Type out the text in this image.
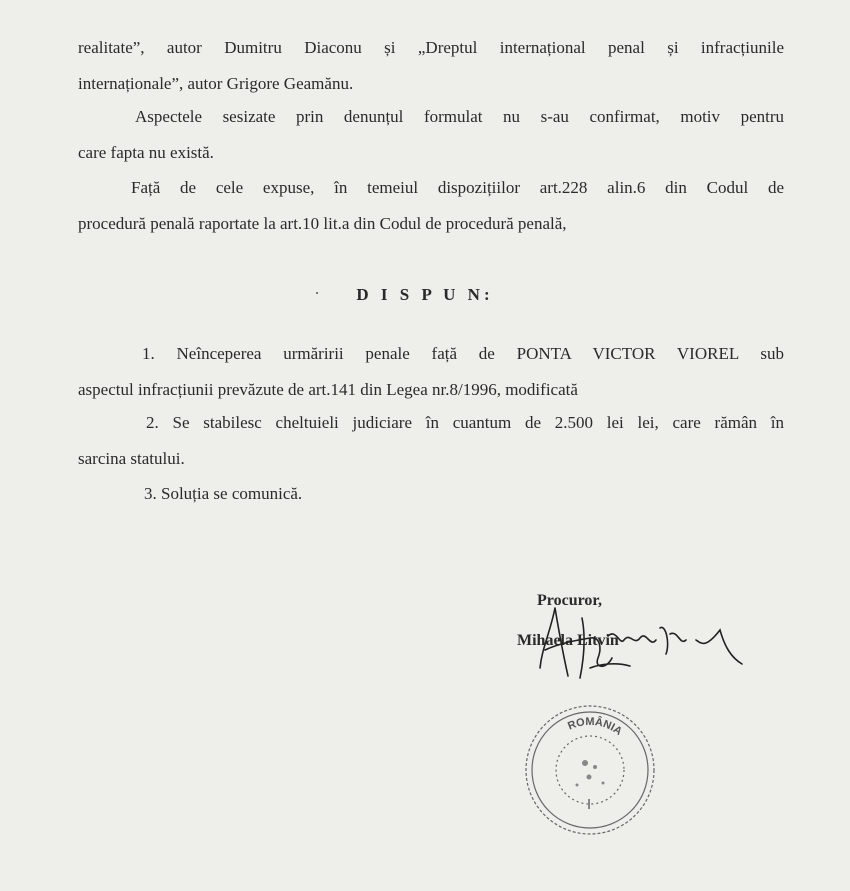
realitate”, autor Dumitru Diaconu și „Dreptul internațional penal și infracțiunile
internaționale”, autor Grigore Geamănu.

Aspectele sesizate prin denunțul formulat nu s-au confirmat, motiv pentru
care fapta nu există.

Față de cele expuse, în temeiul dispozițiilor art.228 alin.6 din Codul de
procedură penală raportate la art.10 lit.a din Codul de procedură penală,

D I S P U N:

1. Neînceperea urmăririi penale față de PONTA VICTOR VIOREL sub
aspectul infracțiunii prevăzute de art.141 din Legea nr.8/1996, modificată

2. Se stabilesc cheltuieli judiciare în cuantum de 2.500 lei lei, care rămân în
sarcina statului.

3. Soluția se comunică.

Procuror,
Mihaela Litvin
ROMÂNIA
